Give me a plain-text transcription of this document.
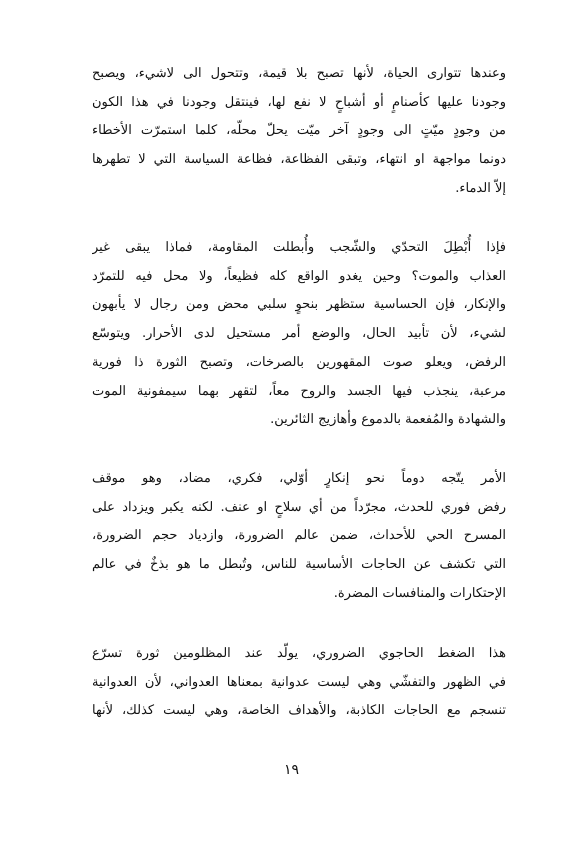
وعندها تتوارى الحياة، لأنها تصبح بلا قيمة، وتتحول الى لاشيء، ويصبح
وجودنا عليها كأصنامٍ أو أشباحٍ لا نفع لها، فينتقل وجودنا في هذا الكون
من وجودٍ ميّتٍ الى وجودٍ آخر ميّت يحلّ محلّه، كلما استمرّت الأخطاء
دونما مواجهة او انتهاء، وتبقى الفظاعة، فظاعة السياسة التي لا تطهرها
إلاّ الدماء.
فإذا أُبْطِلَ التحدّي والشّجب وأُبطلت المقاومة، فماذا يبقى غير
العذاب والموت؟ وحين يغدو الواقع كله فظيعاً، ولا محل فيه للتمرّد
والإنكار، فإن الحساسية ستظهر بنحوٍ سلبي محض ومن رجال لا يأبهون
لشيء، لأن تأبيد الحال، والوضع أمر مستحيل لدى الأحرار. ويتوسّع
الرفض، ويعلو صوت المقهورين بالصرخات، وتصبح الثورة ذا فورية
مرعبة، ينجذب فيها الجسد والروح معاً، لتقهر بهما سيمفونية الموت
والشهادة والمُفعمة بالدموع وأهازيج الثائرين.
الأمر يتّجه دوماً نحو إنكارٍ أوّلي، فكري، مضاد، وهو موقف
رفض فوري للحدث، مجرّداً من أي سلاحٍ او عنف. لكنه يكبر ويزداد على
المسرح الحي للأحداث، ضمن عالم الضرورة، وازدياد حجم الضرورة،
التي تكشف عن الحاجات الأساسية للناس، وتُبطل ما هو بذخٌ في عالم
الإحتكارات والمنافسات المضرة.
هذا الضغط الحاجوي الضروري، يولّد عند المظلومين ثورة تسرّع
في الظهور والتفشّي وهي ليست عدوانية بمعناها العدواني، لأن العدوانية
تنسجم مع الحاجات الكاذبة، والأهداف الخاصة، وهي ليست كذلك، لأنها
١٩
